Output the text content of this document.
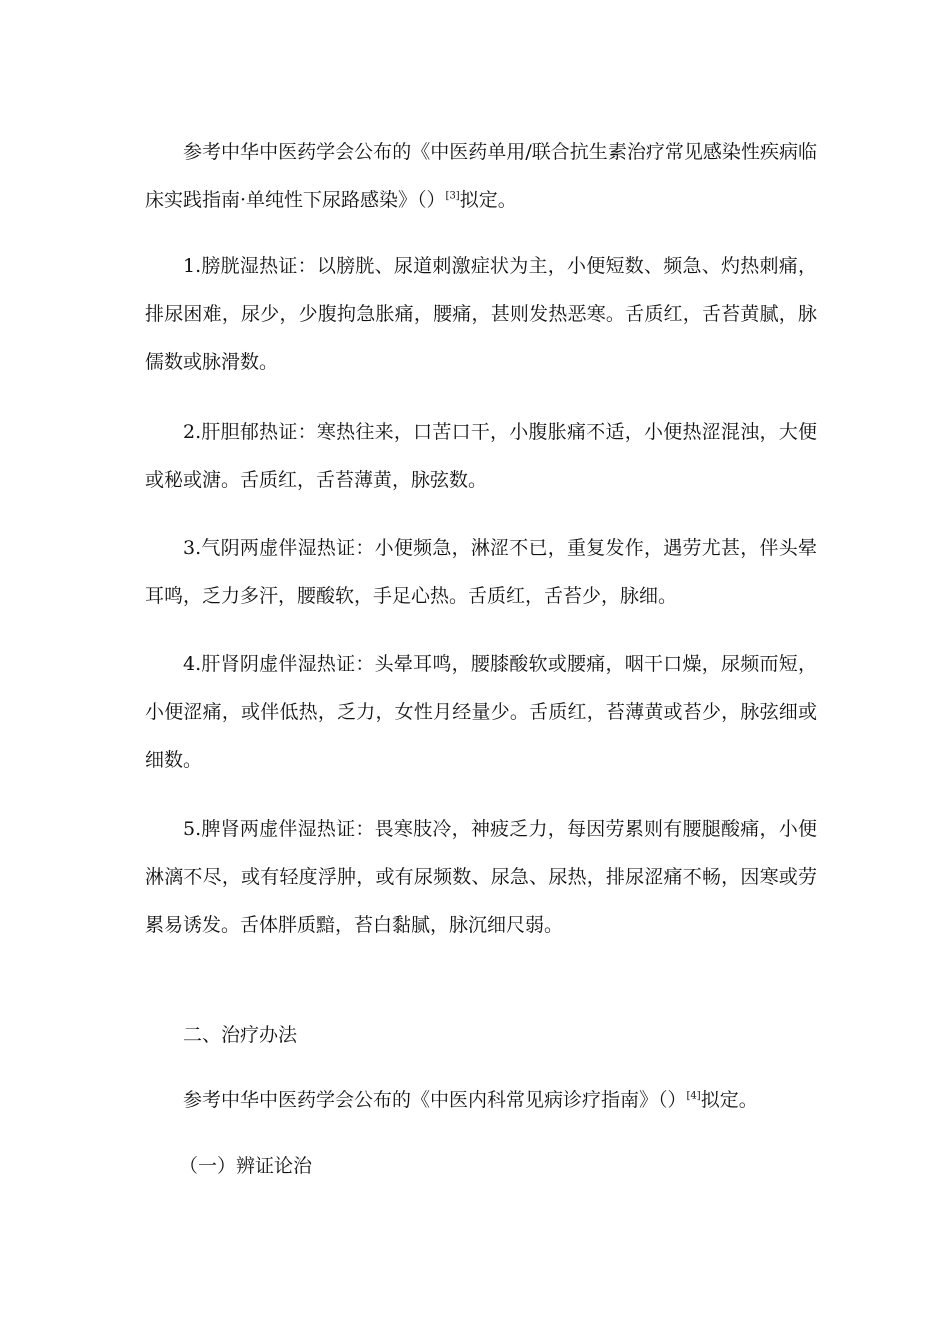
参考中华中医药学会公布的《中医药单用/联合抗生素治疗常见感染性疾病临床实践指南·单纯性下尿路感染》（）[3]拟定。

1.膀胱湿热证：以膀胱、尿道刺激症状为主，小便短数、频急、灼热刺痛，排尿困难，尿少，少腹拘急胀痛，腰痛，甚则发热恶寒。舌质红，舌苔黄腻，脉儒数或脉滑数。

2.肝胆郁热证：寒热往来，口苦口干，小腹胀痛不适，小便热涩混浊，大便或秘或溏。舌质红，舌苔薄黄，脉弦数。

3.气阴两虚伴湿热证：小便频急，淋涩不已，重复发作，遇劳尤甚，伴头晕耳鸣，乏力多汗，腰酸软，手足心热。舌质红，舌苔少，脉细。

4.肝肾阴虚伴湿热证：头晕耳鸣，腰膝酸软或腰痛，咽干口燥，尿频而短，小便涩痛，或伴低热，乏力，女性月经量少。舌质红，苔薄黄或苔少，脉弦细或细数。

5.脾肾两虚伴湿热证：畏寒肢冷，神疲乏力，每因劳累则有腰腿酸痛，小便淋漓不尽，或有轻度浮肿，或有尿频数、尿急、尿热，排尿涩痛不畅，因寒或劳累易诱发。舌体胖质黯，苔白黏腻，脉沉细尺弱。

二、治疗办法

参考中华中医药学会公布的《中医内科常见病诊疗指南》（）[4]拟定。

（一）辨证论治
